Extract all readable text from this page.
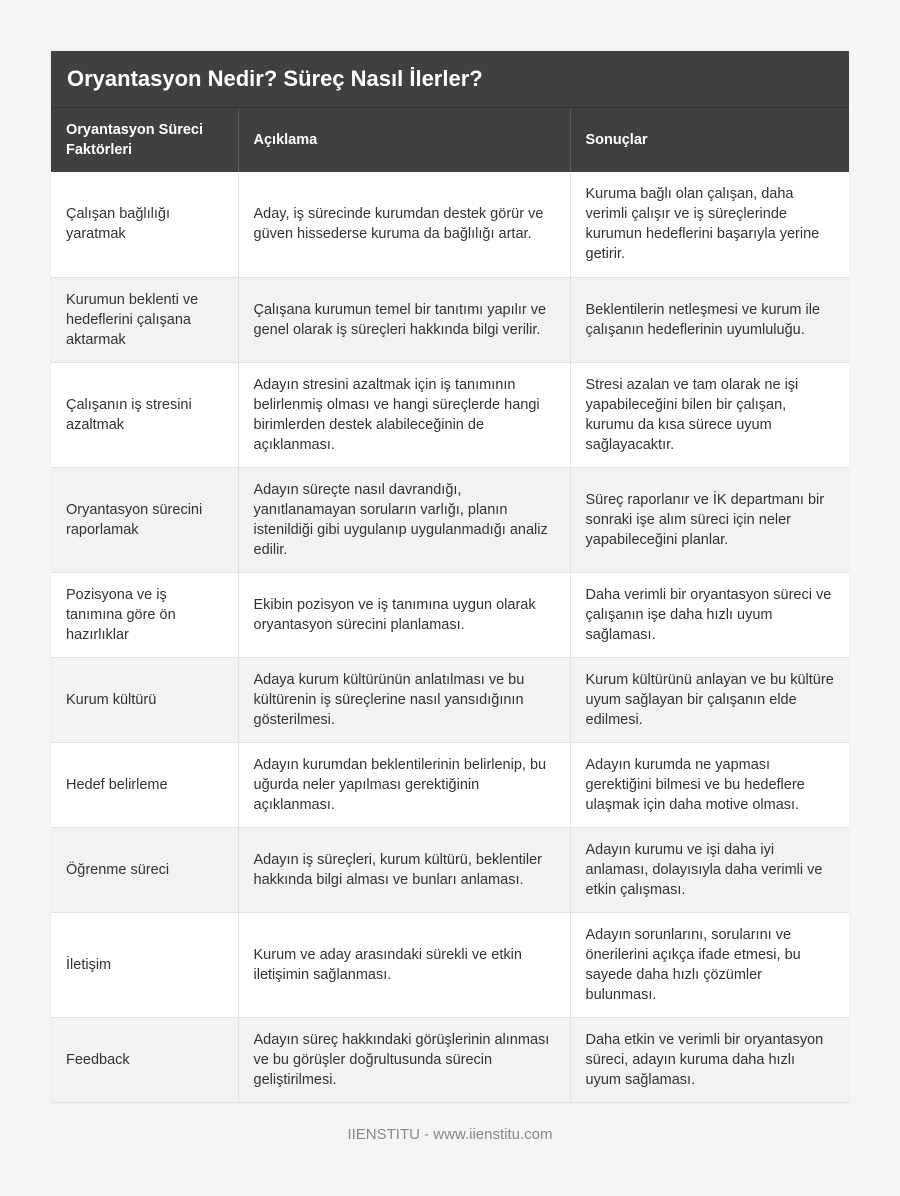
Oryantasyon Nedir? Süreç Nasıl İlerler?
Oryantasyon Süreci Faktörleri	Açıklama	Sonuçlar
Çalışan bağlılığı yaratmak	Aday, iş sürecinde kurumdan destek görür ve güven hissederse kuruma da bağlılığı artar.	Kuruma bağlı olan çalışan, daha verimli çalışır ve iş süreçlerinde kurumun hedeflerini başarıyla yerine getirir.
Kurumun beklenti ve hedeflerini çalışana aktarmak	Çalışana kurumun temel bir tanıtımı yapılır ve genel olarak iş süreçleri hakkında bilgi verilir.	Beklentilerin netleşmesi ve kurum ile çalışanın hedeflerinin uyumluluğu.
Çalışanın iş stresini azaltmak	Adayın stresini azaltmak için iş tanımının belirlenmiş olması ve hangi süreçlerde hangi birimlerden destek alabileceğinin de açıklanması.	Stresi azalan ve tam olarak ne işi yapabileceğini bilen bir çalışan, kurumu da kısa sürece uyum sağlayacaktır.
Oryantasyon sürecini raporlamak	Adayın süreçte nasıl davrandığı, yanıtlanamayan soruların varlığı, planın istenildiği gibi uygulanıp uygulanmadığı analiz edilir.	Süreç raporlanır ve İK departmanı bir sonraki işe alım süreci için neler yapabileceğini planlar.
Pozisyona ve iş tanımına göre ön hazırlıklar	Ekibin pozisyon ve iş tanımına uygun olarak oryantasyon sürecini planlaması.	Daha verimli bir oryantasyon süreci ve çalışanın işe daha hızlı uyum sağlaması.
Kurum kültürü	Adaya kurum kültürünün anlatılması ve bu kültürenin iş süreçlerine nasıl yansıdığının gösterilmesi.	Kurum kültürünü anlayan ve bu kültüre uyum sağlayan bir çalışanın elde edilmesi.
Hedef belirleme	Adayın kurumdan beklentilerinin belirlenip, bu uğurda neler yapılması gerektiğinin açıklanması.	Adayın kurumda ne yapması gerektiğini bilmesi ve bu hedeflere ulaşmak için daha motive olması.
Öğrenme süreci	Adayın iş süreçleri, kurum kültürü, beklentiler hakkında bilgi alması ve bunları anlaması.	Adayın kurumu ve işi daha iyi anlaması, dolayısıyla daha verimli ve etkin çalışması.
İletişim	Kurum ve aday arasındaki sürekli ve etkin iletişimin sağlanması.	Adayın sorunlarını, sorularını ve önerilerini açıkça ifade etmesi, bu sayede daha hızlı çözümler bulunması.
Feedback	Adayın süreç hakkındaki görüşlerinin alınması ve bu görüşler doğrultusunda sürecin geliştirilmesi.	Daha etkin ve verimli bir oryantasyon süreci, adayın kuruma daha hızlı uyum sağlaması.
IIENSTITU - www.iienstitu.com
